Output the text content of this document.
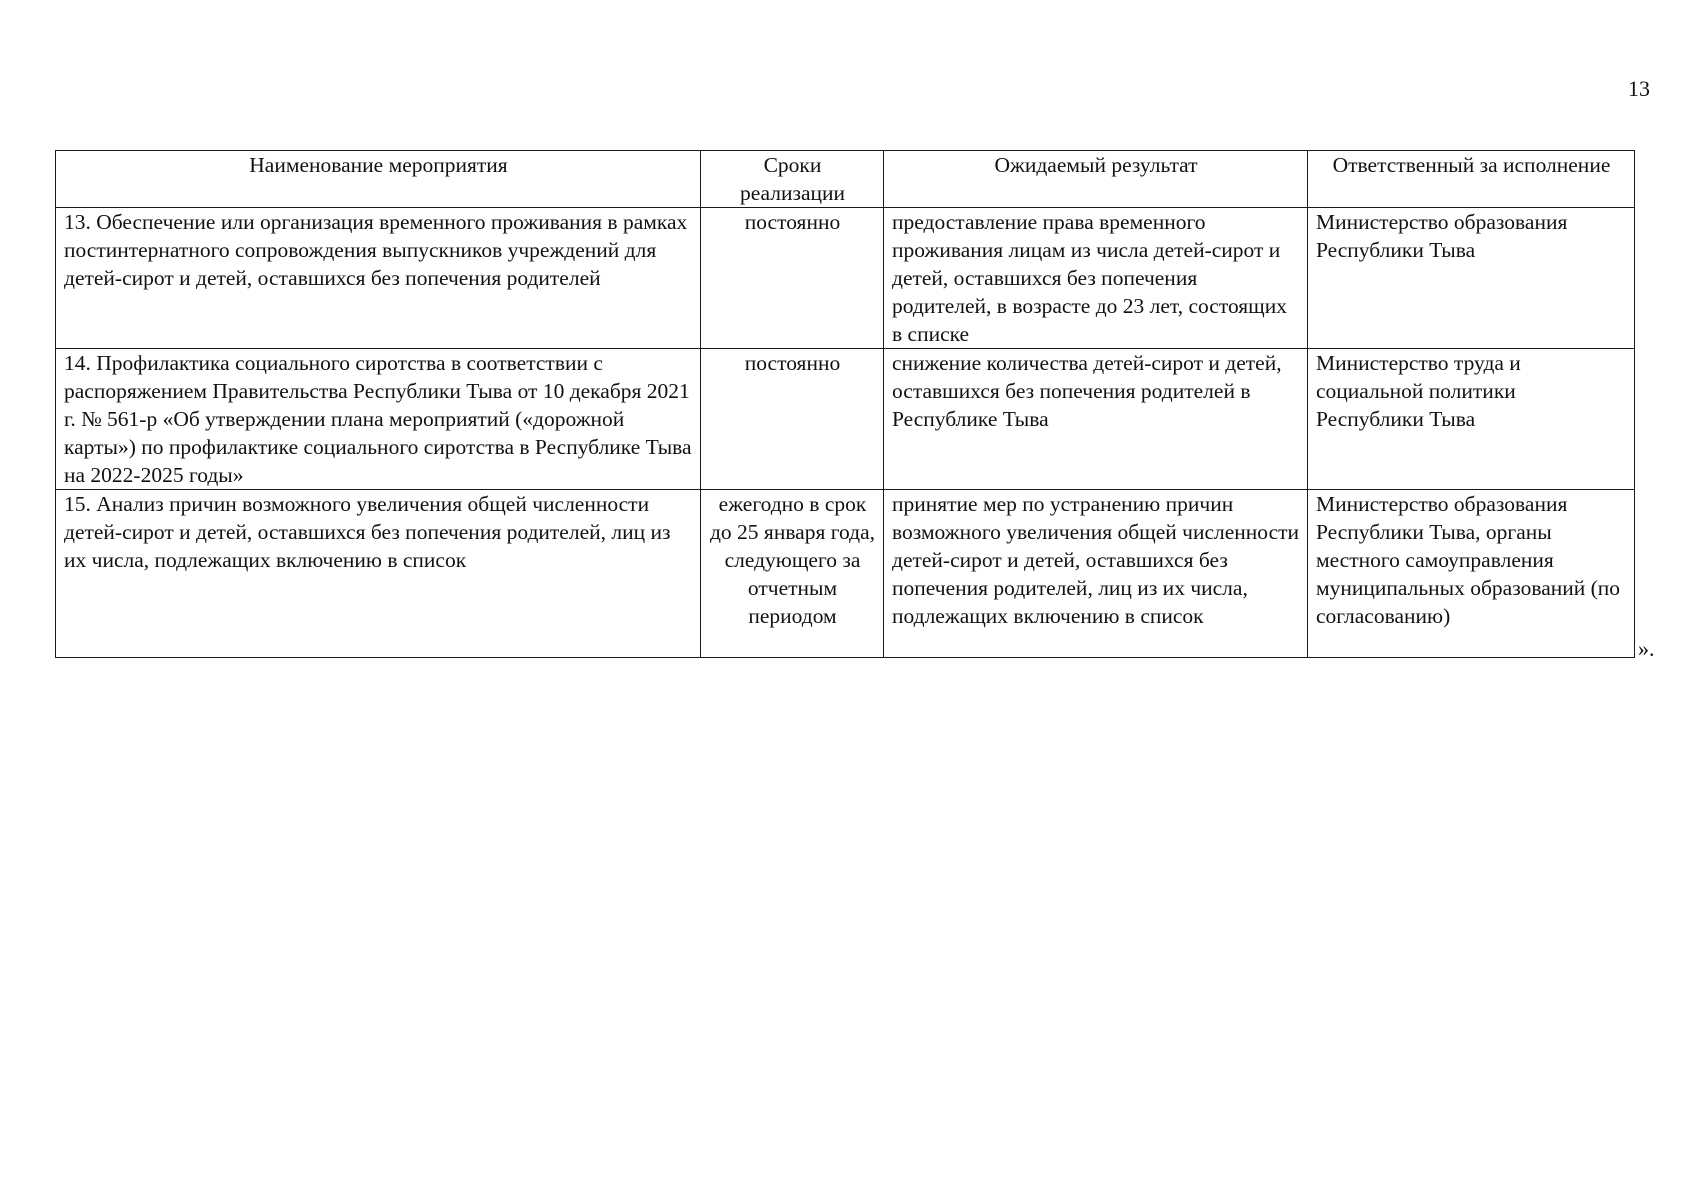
13
Наименование мероприятия	Сроки реализации	Ожидаемый результат	Ответственный за исполнение
13. Обеспечение или организация временного проживания в рамках постинтернатного сопровождения выпускников учреждений для детей-сирот и детей, оставшихся без попечения родителей	постоянно	предоставление права временного проживания лицам из числа детей-сирот и детей, оставшихся без попечения родителей, в возрасте до 23 лет, состоящих в списке	Министерство образования Республики Тыва
14. Профилактика социального сиротства в соответствии с распоряжением Правительства Республики Тыва от 10 декабря 2021 г. № 561-р «Об утверждении плана мероприятий («дорожной карты») по профилактике социального сиротства в Республике Тыва на 2022-2025 годы»	постоянно	снижение количества детей-сирот и детей, оставшихся без попечения родителей в Республике Тыва	Министерство труда и социальной политики Республики Тыва
15. Анализ причин возможного увеличения общей численности детей-сирот и детей, оставшихся без попечения родителей, лиц из их числа, подлежащих включению в список	ежегодно в срок до 25 января года, следующего за отчетным периодом	принятие мер по устранению причин возможного увеличения общей численности детей-сирот и детей, оставшихся без попечения родителей, лиц из их числа, подлежащих включению в список	Министерство образования Республики Тыва, органы местного самоуправления муниципальных образований (по согласованию)
».
